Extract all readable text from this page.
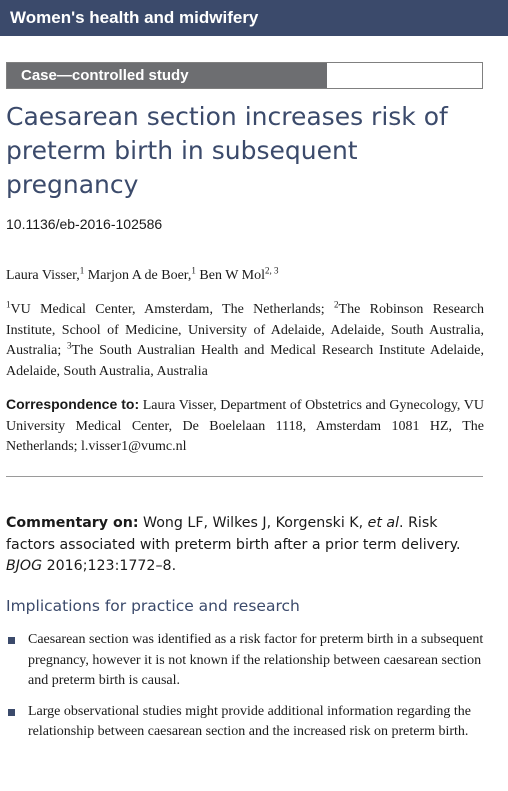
Women's health and midwifery
Case—controlled study
Caesarean section increases risk of preterm birth in subsequent pregnancy
10.1136/eb-2016-102586
Laura Visser,$^1$ Marjon A de Boer,$^1$ Ben W Mol$^{2, 3}$

$^1$VU Medical Center, Amsterdam, The Netherlands; $^2$The Robinson Research Institute, School of Medicine, University of Adelaide, Adelaide, South Australia, Australia; $^3$The South Australian Health and Medical Research Institute Adelaide, Adelaide, South Australia, Australia

Correspondence to: Laura Visser, Department of Obstetrics and Gynecology, VU University Medical Center, De Boelelaan 1118, Amsterdam 1081 HZ, The Netherlands; l.visser1@vumc.nl

Commentary on: Wong LF, Wilkes J, Korgenski K, et al. Risk factors associated with preterm birth after a prior term delivery. BJOG 2016;123:1772–8.

Implications for practice and research
Caesarean section was identified as a risk factor for preterm birth in a subsequent pregnancy, however it is not known if the relationship between caesarean section and preterm birth is causal.
Large observational studies might provide additional information regarding the relationship between caesarean section and the increased risk on preterm birth.
